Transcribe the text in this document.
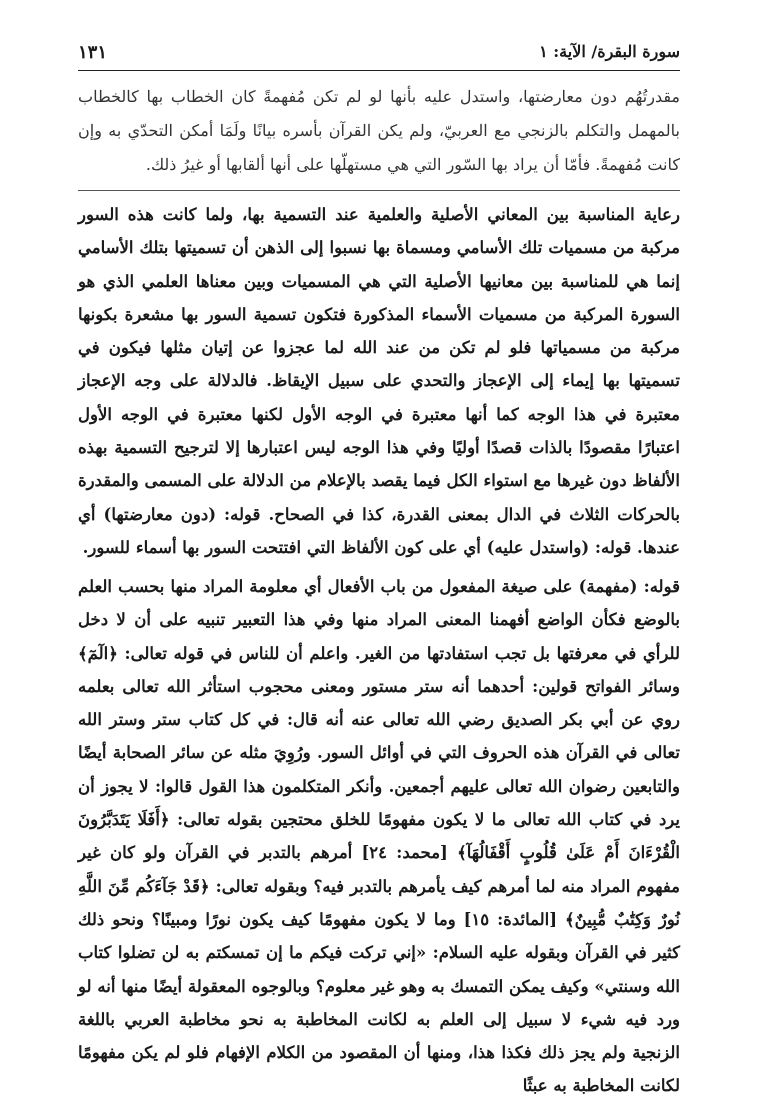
سورة البقرة/ الآية: ١
١٣١
مقدرتُهُم دون معارضتها، واستدل عليه بأنها لو لم تكن مُفهمةً كان الخطاب بها كالخطاب بالمهمل والتكلم بالزنجي مع العربيّ، ولم يكن القرآن بأسره بيانًا ولَمَا أمكن التحدّي به وإن كانت مُفهمةً. فأمّا أن يراد بها السّور التي هي مستهلّها على أنها ألقابها أو غيرُ ذلك.
رعاية المناسبة بين المعاني الأصلية والعلمية عند التسمية بها، ولما كانت هذه السور مركبة من مسميات تلك الأسامي ومسماة بها نسبوا إلى الذهن أن تسميتها بتلك الأسامي إنما هي للمناسبة بين معانيها الأصلية التي هي المسميات وبين معناها العلمي الذي هو السورة المركبة من مسميات الأسماء المذكورة فتكون تسمية السور بها مشعرة بكونها مركبة من مسمياتها فلو لم تكن من عند الله لما عجزوا عن إتيان مثلها فيكون في تسميتها بها إيماء إلى الإعجاز والتحدي على سبيل الإيقاظ. فالدلالة على وجه الإعجاز معتبرة في هذا الوجه كما أنها معتبرة في الوجه الأول لكنها معتبرة في الوجه الأول اعتبارًا مقصودًا بالذات قصدًا أوليًا وفي هذا الوجه ليس اعتبارها إلا لترجيح التسمية بهذه الألفاظ دون غيرها مع استواء الكل فيما يقصد بالإعلام من الدلالة على المسمى والمقدرة بالحركات الثلاث في الدال بمعنى القدرة، كذا في الصحاح. قوله: (دون معارضتها) أي عندها. قوله: (واستدل عليه) أي على كون الألفاظ التي افتتحت السور بها أسماء للسور.
قوله: (مفهمة) على صيغة المفعول من باب الأفعال أي معلومة المراد منها بحسب العلم بالوضع فكأن الواضع أفهمنا المعنى المراد منها وفي هذا التعبير تنبيه على أن لا دخل للرأي في معرفتها بل تجب استفادتها من الغير. واعلم أن للناس في قوله تعالى: ﴿الٓمٓ﴾ وسائر الفواتح قولين: أحدهما أنه ستر مستور ومعنى محجوب استأثر الله تعالى بعلمه روي عن أبي بكر الصديق رضي الله تعالى عنه أنه قال: في كل كتاب ستر وستر الله تعالى في القرآن هذه الحروف التي في أوائل السور. ورُوِيَ مثله عن سائر الصحابة أيضًا والتابعين رضوان الله تعالى عليهم أجمعين. وأنكر المتكلمون هذا القول قالوا: لا يجوز أن يرد في كتاب الله تعالى ما لا يكون مفهومًا للخلق محتجين بقوله تعالى: ﴿أَفَلَا يَتَدَبَّرُونَ الْقُرْءَانَ أَمْ عَلَىٰ قُلُوبٍ أَقْفَالُهَآ﴾ [محمد: ٢٤] أمرهم بالتدبر في القرآن ولو كان غير مفهوم المراد منه لما أمرهم كيف يأمرهم بالتدبر فيه؟ وبقوله تعالى: ﴿قَدْ جَآءَكُم مِّنَ اللَّهِ نُورٌ وَكِتَٰبٌ مُّبِينٌ﴾ [المائدة: ١٥] وما لا يكون مفهومًا كيف يكون نورًا ومبينًا؟ ونحو ذلك كثير في القرآن وبقوله عليه السلام: «إني تركت فيكم ما إن تمسكتم به لن تضلوا كتاب الله وسنتي» وكيف يمكن التمسك به وهو غير معلوم؟ وبالوجوه المعقولة أيضًا منها أنه لو ورد فيه شيء لا سبيل إلى العلم به لكانت المخاطبة به نحو مخاطبة العربي باللغة الزنجية ولم يجز ذلك فكذا هذا، ومنها أن المقصود من الكلام الإفهام فلو لم يكن مفهومًا لكانت المخاطبة به عبثًا
